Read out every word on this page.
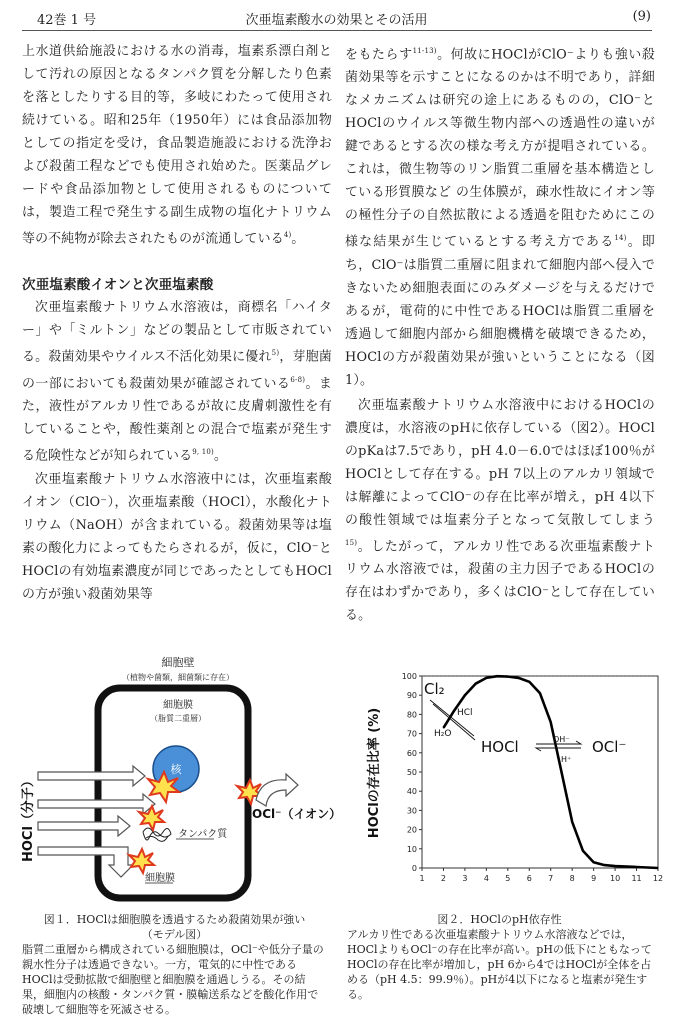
42巻 1 号	次亜塩素酸水の効果とその活用	(9)

上水道供給施設における水の消毒，塩素系漂白剤として汚れの原因となるタンパク質を分解したり色素を落としたりする目的等，多岐にわたって使用され続けている。昭和25年（1950年）には食品添加物としての指定を受け，食品製造施設における洗浄および殺菌工程などでも使用され始めた。医薬品グレードや食品添加物として使用されるものについては，製造工程で発生する副生成物の塩化ナトリウム等の不純物が除去されたものが流通している$^{4)}$。

次亜塩素酸イオンと次亜塩素酸

次亜塩素酸ナトリウム水溶液は，商標名「ハイター」や「ミルトン」などの製品として市販されている。殺菌効果やウイルス不活化効果に優れ$^{5)}$，芽胞菌の一部においても殺菌効果が確認されている$^{6-8)}$。また，液性がアルカリ性であるが故に皮膚刺激性を有していることや，酸性薬剤との混合で塩素が発生する危険性などが知られている$^{9, 10)}$。

次亜塩素酸ナトリウム水溶液中には，次亜塩素酸イオン（ClO⁻），次亜塩素酸（HOCl），水酸化ナトリウム（NaOH）が含まれている。殺菌効果等は塩素の酸化力によってもたらされるが，仮に，ClO⁻とHOClの有効塩素濃度が同じであったとしてもHOClの方が強い殺菌効果等

をもたらす$^{11-13)}$。何故にHOClがClO⁻よりも強い殺菌効果等を示すことになるのかは不明であり，詳細なメカニズムは研究の途上にあるものの，ClO⁻とHOClのウイルス等微生物内部への透過性の違いが鍵であるとする次の様な考え方が提唱されている。これは，微生物等のリン脂質二重層を基本構造としている形質膜など の生体膜が，疎水性故にイオン等の極性分子の自然拡散による透過を阻むためにこの様な結果が生じているとする考え方である$^{14)}$。即ち，ClO⁻は脂質二重層に阻まれて細胞内部へ侵入できないため細胞表面にのみダメージを与えるだけであるが，電荷的に中性であるHOClは脂質二重層を透過して細胞内部から細胞機構を破壊できるため，HOClの方が殺菌効果が強いということになる（図1）。

次亜塩素酸ナトリウム水溶液中におけるHOClの濃度は，水溶液のpHに依存している（図2）。HOClのpKaは7.5であり，pH 4.0－6.0ではほぼ100％がHOClとして存在する。pH 7以上のアルカリ領域では解離によってClO⁻の存在比率が増え，pH 4以下の酸性領域では塩素分子となって気散してしまう$^{15)}$。したがって，アルカリ性である次亜塩素酸ナトリウム水溶液では，殺菌の主力因子であるHOClの存在はわずかであり，多くはClO⁻として存在している。

細胞壁
（植物や菌類，細菌類に存在）
細胞膜
（脂質二重層）
核
タンパク質
細胞膜
HOCl（分子）	OCl⁻（イオン）
0
10
20
30
40
50
60
70
80
90
100
1 2 3 4 5 6 7 8 9 10 11 12
HOClの存在比率 (%)
Cl₂
HCl
H₂O
HOCl	OH⁻
H⁺
OCl⁻
図１．HOClは細胞膜を透過するため殺菌効果が強い
（モデル図）
脂質二重層から構成されている細胞膜は，OCl⁻や低分子量の親水性分子は透過できない。一方，電気的に中性であるHOClは受動拡散で細胞壁と細胞膜を通過しうる。その結果，細胞内の核酸・タンパク質・膜輸送系などを酸化作用で破壊して細胞等を死滅させる。
図２．HOClのpH依存性
アルカリ性である次亜塩素酸ナトリウム水溶液などでは，HOClよりもOCl⁻の存在比率が高い。pHの低下にともなってHOClの存在比率が増加し，pH 6から4ではHOClが全体を占める（pH 4.5：99.9％）。pHが4以下になると塩素が発生する。
